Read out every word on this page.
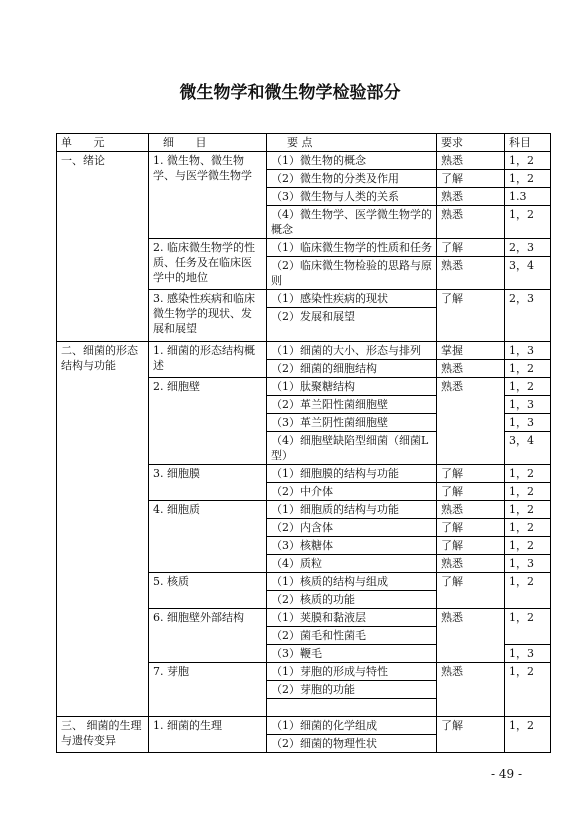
微生物学和微生物学检验部分
单 元	细 目	要 点	要求	科目
一、绪论	1. 微生物、微生物学、与医学微生物学	（1）微生物的概念	熟悉	1，2
		（2）微生物的分类及作用	了解	1，2
		（3）微生物与人类的关系	熟悉	1.3
		（4）微生物学、医学微生物学的概念	熟悉	1，2
	2. 临床微生物学的性质、任务及在临床医学中的地位	（1）临床微生物学的性质和任务	了解	2，3

		（2）临床微生物检验的思路与原则	熟悉	3，4

	3. 感染性疾病和临床微生物学的现状、发展和展望	（1）感染性疾病的现状	了解	2，3
		（2）发展和展望		
二、细菌的形态结构与功能	1. 细菌的形态结构概述	（1）细菌的大小、形态与排列	掌握	1，3
		（2）细菌的细胞结构	熟悉	1，2
	2. 细胞壁	（1）肽聚糖结构	熟悉	1，2
		（2）革兰阳性菌细胞壁		1，3
		（3）革兰阴性菌细胞壁		1，3
		（4）细胞壁缺陷型细菌（细菌L型）		3，4
	3. 细胞膜	（1）细胞膜的结构与功能	了解	1，2
		（2）中介体	了解	1，2
	4. 细胞质	（1）细胞质的结构与功能	熟悉	1，2
		（2）内含体	了解	1，2
		（3）核糖体	了解	1，2
		（4）质粒	熟悉	1，3
	5. 核质	（1）核质的结构与组成	了解	1，2
		（2）核质的功能		
	6. 细胞壁外部结构	（1）荚膜和黏液层	熟悉	1，2
		（2）菌毛和性菌毛		
		（3）鞭毛		1，3
	7. 芽胞	（1）芽胞的形成与特性	熟悉	1，2
		（2）芽胞的功能		

三、 细菌的生理与遗传变异	1. 细菌的生理	（1）细菌的化学组成	了解	1，2
		（2）细菌的物理性状		
- 49 -
